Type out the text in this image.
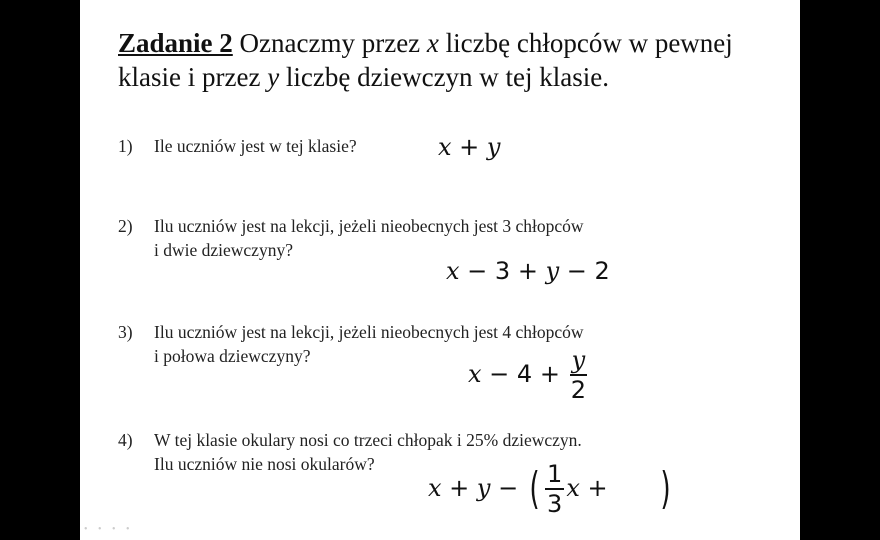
Zadanie 2 Oznaczmy przez x liczbę chłopców w pewnej klasie i przez y liczbę dziewczyn w tej klasie.
1) Ile uczniów jest w tej klasie?	x + y
2) Ilu uczniów jest na lekcji, jeżeli nieobecnych jest 3 chłopców
i dwie dziewczyny?
x − 3 + y − 2
3) Ilu uczniów jest na lekcji, jeżeli nieobecnych jest 4 chłopców
i połowa dziewczyny?
$x - 4 + \frac{y}{2}$
4) W tej klasie okulary nosi co trzeci chłopak i 25% dziewczyn.
Ilu uczniów nie nosi okularów?
x + y − ( $\frac{1}{3}$ x + )
• • • •
